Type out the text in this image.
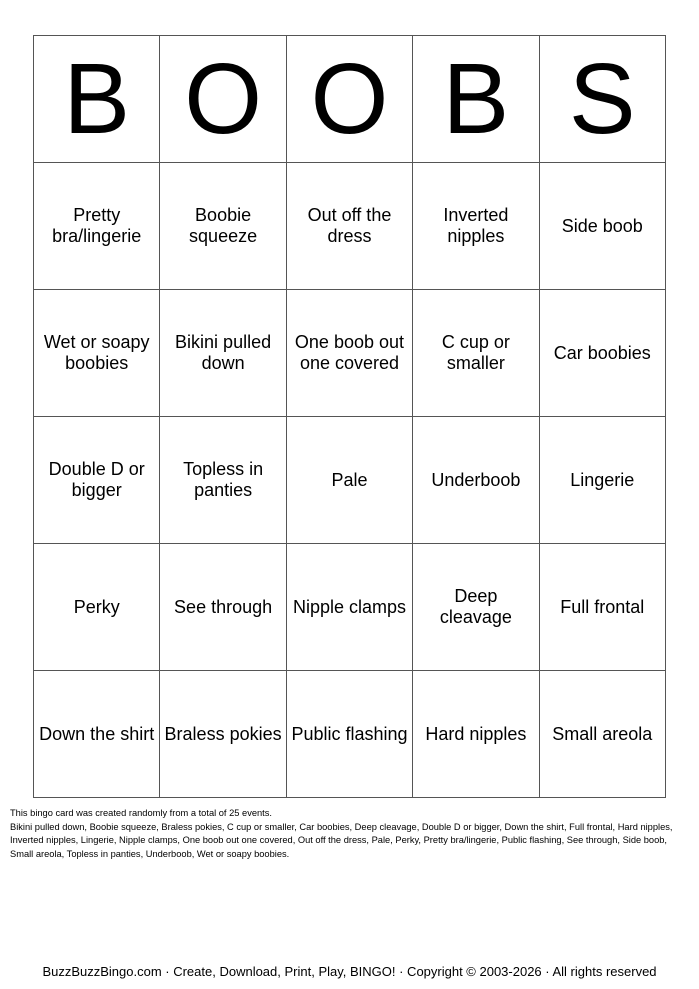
B	O	O	B	S
Pretty bra/lingerie	Boobie squeeze	Out off the dress	Inverted nipples	Side boob
Wet or soapy boobies	Bikini pulled down	One boob out one covered	C cup or smaller	Car boobies
Double D or bigger	Topless in panties	Pale	Underboob	Lingerie
Perky	See through	Nipple clamps	Deep cleavage	Full frontal
Down the shirt	Braless pokies	Public flashing	Hard nipples	Small areola
This bingo card was created randomly from a total of 25 events.
Bikini pulled down, Boobie squeeze, Braless pokies, C cup or smaller, Car boobies, Deep cleavage, Double D or bigger, Down the shirt, Full frontal, Hard nipples, Inverted nipples, Lingerie, Nipple clamps, One boob out one covered, Out off the dress, Pale, Perky, Pretty bra/lingerie, Public flashing, See through, Side boob, Small areola, Topless in panties, Underboob, Wet or soapy boobies.
BuzzBuzzBingo.com · Create, Download, Print, Play, BINGO! · Copyright © 2003-2026 · All rights reserved
